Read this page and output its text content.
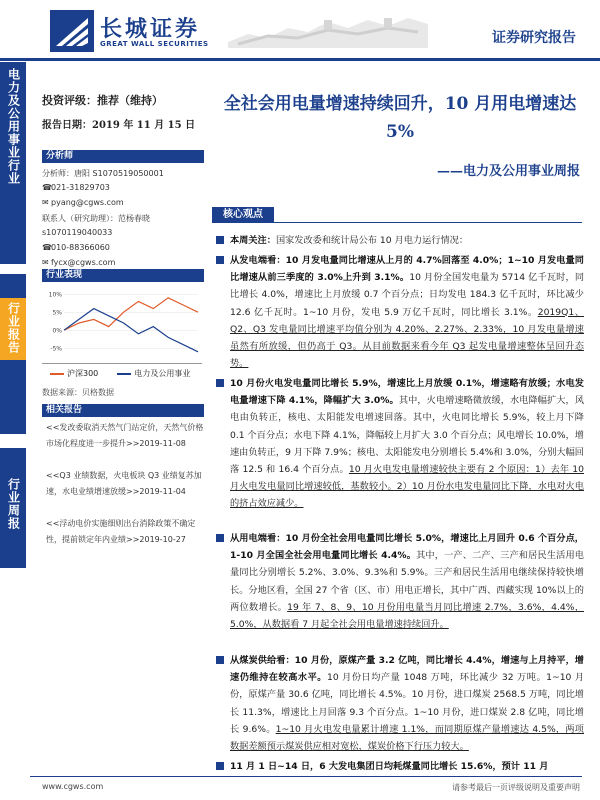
长城证券
GREAT WALL SECURITIES	证券研究报告
电力及公用事业行业
行业报告
行业周报
投资评级：推荐（维持）
报告日期：2019 年 11 月 15 日
分析师
分析师：唐阳 S1070519050001
☎021-31829703
✉ pyang@cgws.com
联系人（研究助理）：范杨春晓
s1070119040033
☎010-88366060
✉ fycx@cgws.com
行业表现
10%
5%
0%
-5%
沪深300	电力及公用事业
数据来源：贝格数据
相关报告
<<发改委取消天然气门站定价，天然气价格市场化程度进一步提升>>2019-11-08
<<Q3 业绩数据，火电板块 Q3 业绩复苏加速，水电业绩增速放缓>>2019-11-04
<<浮动电价实施细则出台消除政策不确定性，提前锁定年内业绩>>2019-10-27
全社会用电量增速持续回升，10 月用电增速达 5%
——电力及公用事业周报
核心观点
本周关注：国家发改委和统计局公布 10 月电力运行情况：
从发电端看：10 月发电量同比增速从上月的 4.7%回落至 4.0%；1~10 月发电量同比增速从前三季度的 3.0%上升到 3.1%。10 月份全国发电量为 5714 亿千瓦时，同比增长 4.0%，增速比上月放缓 0.7 个百分点；日均发电 184.3 亿千瓦时，环比减少 12.6 亿千瓦时。1~10 月份，发电 5.9 万亿千瓦时，同比增长 3.1%。2019Q1、Q2、Q3 发电量同比增速平均值分别为 4.20%、2.27%、2.33%，10 月发电量增速虽然有所放缓，但仍高于 Q3。从目前数据来看今年 Q3 起发电量增速整体呈回升态势。
10 月份火电发电量同比增长 5.9%，增速比上月放缓 0.1%，增速略有放缓；水电发电量增速下降 4.1%，降幅扩大 3.0%。其中，火电增速略微放缓，水电降幅扩大，风电由负转正，核电、太阳能发电增速回落。其中，火电同比增长 5.9%，较上月下降 0.1 个百分点；水电下降 4.1%，降幅较上月扩大 3.0 个百分点；风电增长 10.0%，增速由负转正，9 月下降 7.9%；核电、太阳能发电分别增长 5.4%和 3.0%，分别大幅回落 12.5 和 16.4 个百分点。10 月火电发电量增速较快主要有 2 个原因：1）去年 10 月火电发电量同比增速较低，基数较小。2）10 月份水电发电量同比下降，水电对火电的挤占效应减少。
从用电端看：10 月份全社会用电量同比增长 5.0%，增速比上月回升 0.6 个百分点，1-10 月全国全社会用电量同比增长 4.4%。其中，一产、二产、三产和居民生活用电量同比分别增长 5.2%、3.0%、9.3%和 5.9%。三产和居民生活用电继续保持较快增长。分地区看，全国 27 个省（区、市）用电正增长，其中广西、西藏实现 10%以上的两位数增长。19 年 7、8、9、10 月份用电量当月同比增速 2.7%，3.6%，4.4%，5.0%，从数据看 7 月起全社会用电量增速持续回升。
从煤炭供给看：10 月份，原煤产量 3.2 亿吨，同比增长 4.4%，增速与上月持平，增速仍维持在较高水平。10 月份日均产量 1048 万吨，环比减少 32 万吨。1~10 月份，原煤产量 30.6 亿吨，同比增长 4.5%。10 月份，进口煤炭 2568.5 万吨，同比增长 11.3%，增速比上月回落 9.3 个百分点。1~10 月份，进口煤炭 2.8 亿吨，同比增长 9.6%。1~10 月火电发电量累计增速 1.1%，而同期原煤产量增速达 4.5%，两项数据差额预示煤炭供应相对宽松，煤炭价格下行压力较大。
11 月 1 日~14 日，6 大发电集团日均耗煤量同比增长 15.6%，预计 11 月
www.cgws.com	请参考最后一页评级说明及重要声明
